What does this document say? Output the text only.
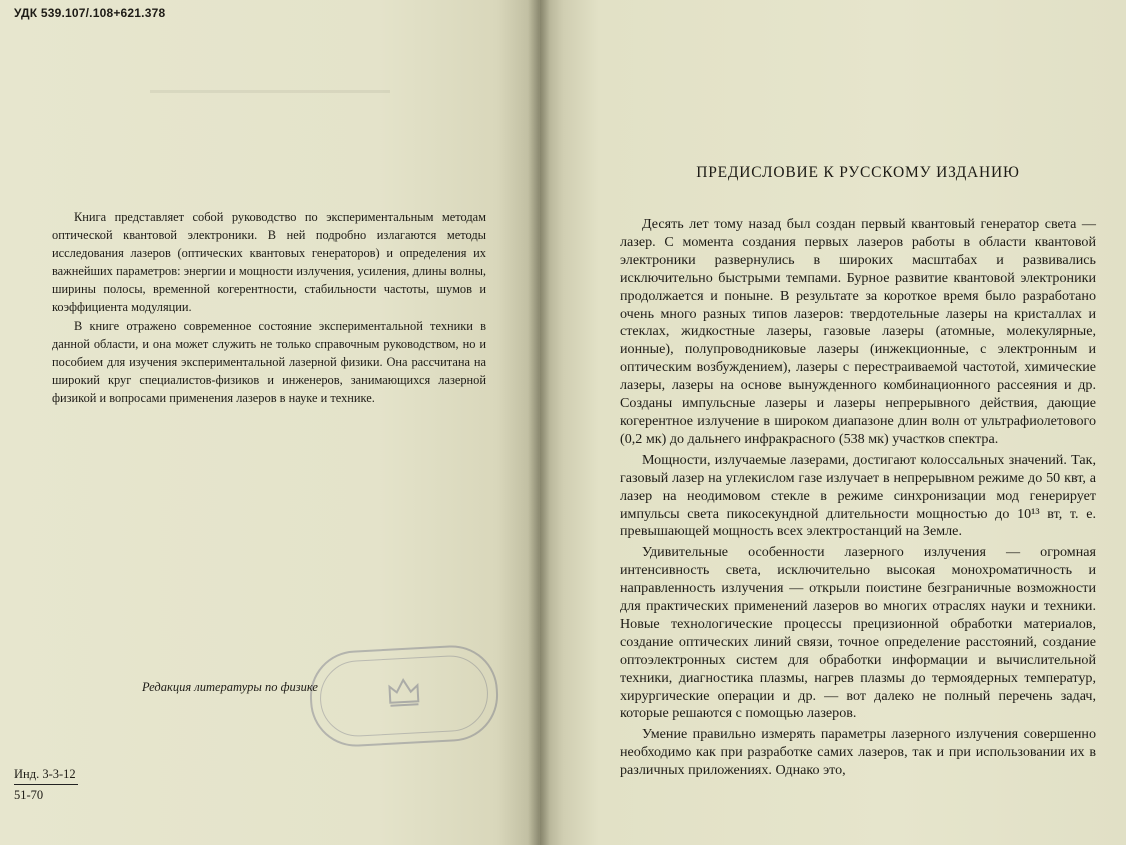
УДК 539.107/.108+621.378

Книга представляет собой руководство по экспериментальным методам оптической квантовой электроники. В ней подробно излагаются методы исследования лазеров (оптических квантовых генераторов) и определения их важнейших параметров: энергии и мощности излучения, усиления, длины волны, ширины полосы, временной когерентности, стабильности частоты, шумов и коэффициента модуляции.

В книге отражено современное состояние экспериментальной техники в данной области, и она может служить не только справочным руководством, но и пособием для изучения экспериментальной лазерной физики. Она рассчитана на широкий круг специалистов-физиков и инженеров, занимающихся лазерной физикой и вопросами применения лазеров в науке и технике.

Редакция литературы по физике
Инд. 3-3-12
51-70
ПРЕДИСЛОВИЕ К РУССКОМУ ИЗДАНИЮ

Десять лет тому назад был создан первый квантовый генератор света — лазер. С момента создания первых лазеров работы в области квантовой электроники развернулись в широких масштабах и развивались исключительно быстрыми темпами. Бурное развитие квантовой электроники продолжается и поныне. В результате за короткое время было разработано очень много разных типов лазеров: твердотельные лазеры на кристаллах и стеклах, жидкостные лазеры, газовые лазеры (атомные, молекулярные, ионные), полупроводниковые лазеры (инжекционные, с электронным и оптическим возбуждением), лазеры с перестраиваемой частотой, химические лазеры, лазеры на основе вынужденного комбинационного рассеяния и др. Созданы импульсные лазеры и лазеры непрерывного действия, дающие когерентное излучение в широком диапазоне длин волн от ультрафиолетового (0,2 мк) до дальнего инфракрасного (538 мк) участков спектра.

Мощности, излучаемые лазерами, достигают колоссальных значений. Так, газовый лазер на углекислом газе излучает в непрерывном режиме до 50 квт, а лазер на неодимовом стекле в режиме синхронизации мод генерирует импульсы света пикосекундной длительности мощностью до 10¹³ вт, т. е. превышающей мощность всех электростанций на Земле.

Удивительные особенности лазерного излучения — огромная интенсивность света, исключительно высокая монохроматичность и направленность излучения — открыли поистине безграничные возможности для практических применений лазеров во многих отраслях науки и техники. Новые технологические процессы прецизионной обработки материалов, создание оптических линий связи, точное определение расстояний, создание оптоэлектронных систем для обработки информации и вычислительной техники, диагностика плазмы, нагрев плазмы до термоядерных температур, хирургические операции и др. — вот далеко не полный перечень задач, которые решаются с помощью лазеров.

Умение правильно измерять параметры лазерного излучения совершенно необходимо как при разработке самих лазеров, так и при использовании их в различных приложениях. Однако это,
